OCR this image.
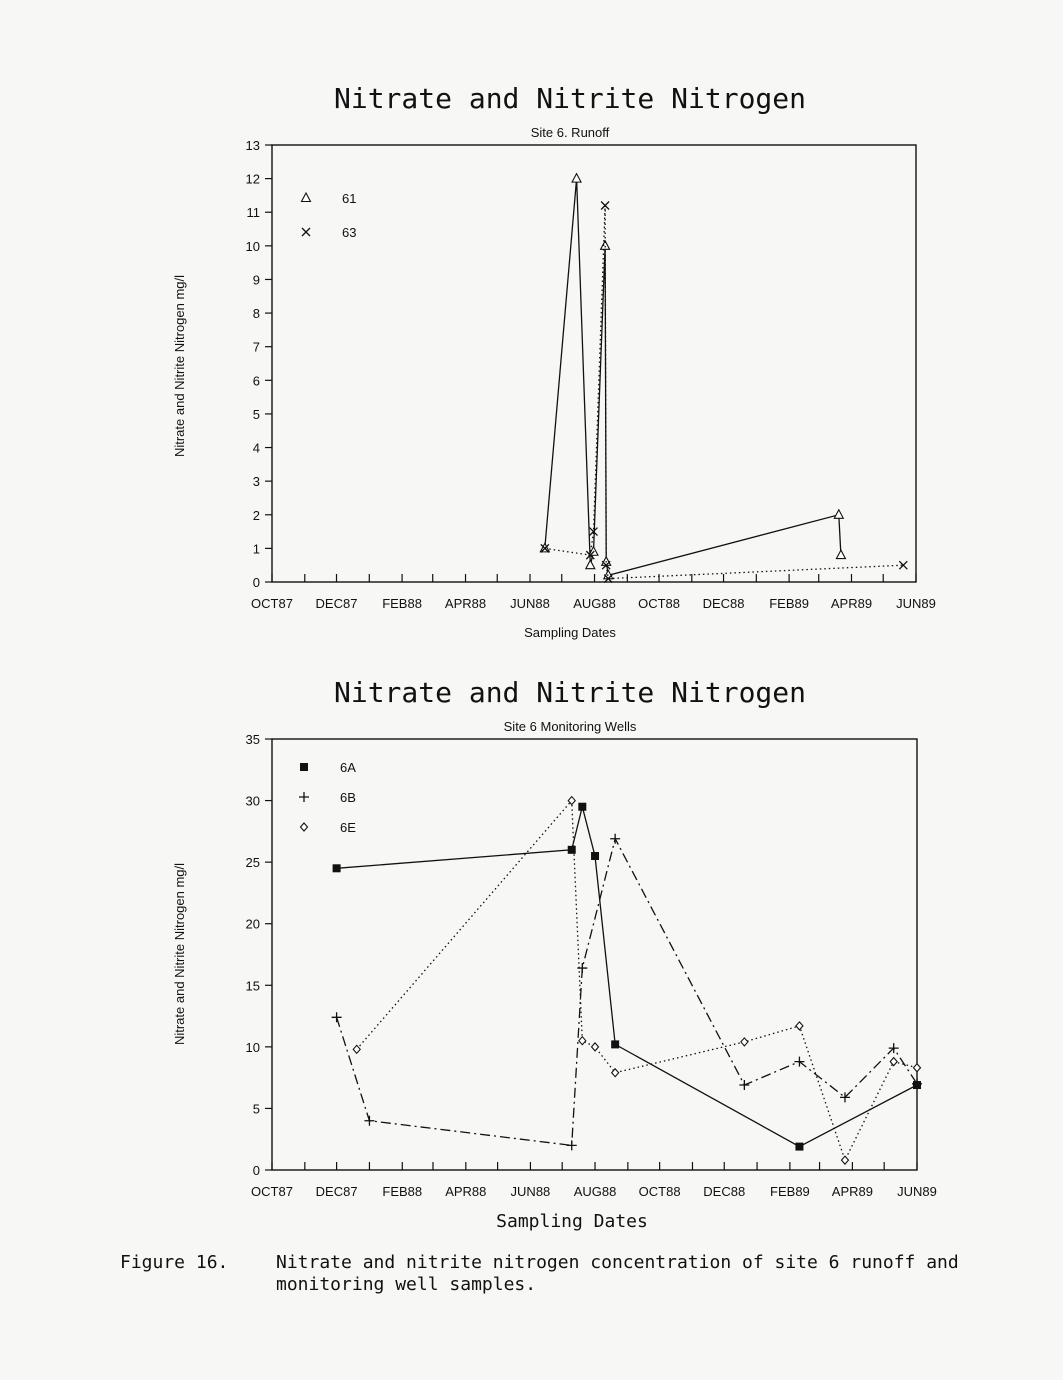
Nitrate and Nitrite Nitrogen
Site 6. Runoff
Nitrate and Nitrite Nitrogen mg/l
Sampling Dates
0
1
2
3
4
5
6
7
8
9
10
11
12
13
OCT87 DEC87 FEB88 APR88 JUN88 AUG88 OCT88 DEC88 FEB89 APR89 JUN89
61
63
Nitrate and Nitrite Nitrogen
Site 6 Monitoring Wells
Nitrate and Nitrite Nitrogen mg/l
Sampling Dates
0
5
10
15
20
25
30
35
OCT87 DEC87 FEB88 APR88 JUN88 AUG88 OCT88 DEC88 FEB89 APR89 JUN89
6A
6B
6E
Figure 16.	Nitrate and nitrite nitrogen concentration of site 6 runoff and monitoring well samples.
